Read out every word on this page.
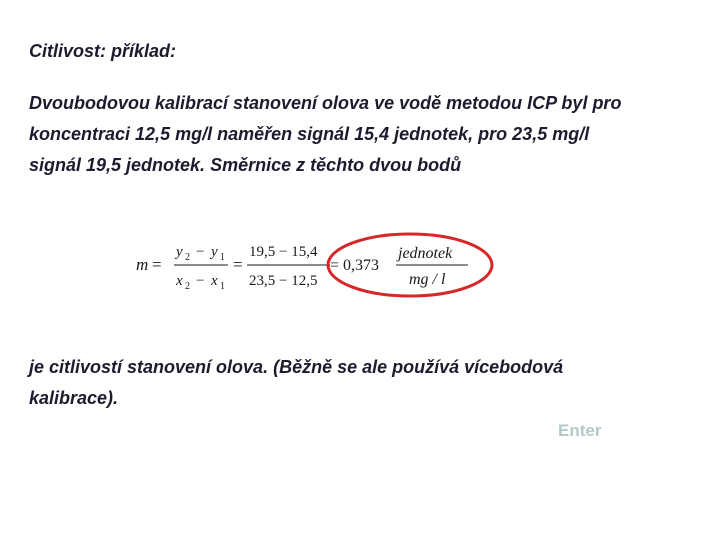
Citlivost: příklad:
Dvoubodovou kalibrací stanovení olova ve vodě metodou ICP byl pro
koncentraci 12,5 mg/l naměřen signál 15,4 jednotek, pro 23,5 mg/l
signál 19,5 jednotek. Směrnice z těchto dvou bodů
m =
y 2 − y 1
x 2 − x 1
=
19,5 − 15,4
23,5 − 12,5
= 0,373
jednotek
mg / l
je citlivostí stanovení olova. (Běžně se ale používá vícebodová
kalibrace).
Enter
